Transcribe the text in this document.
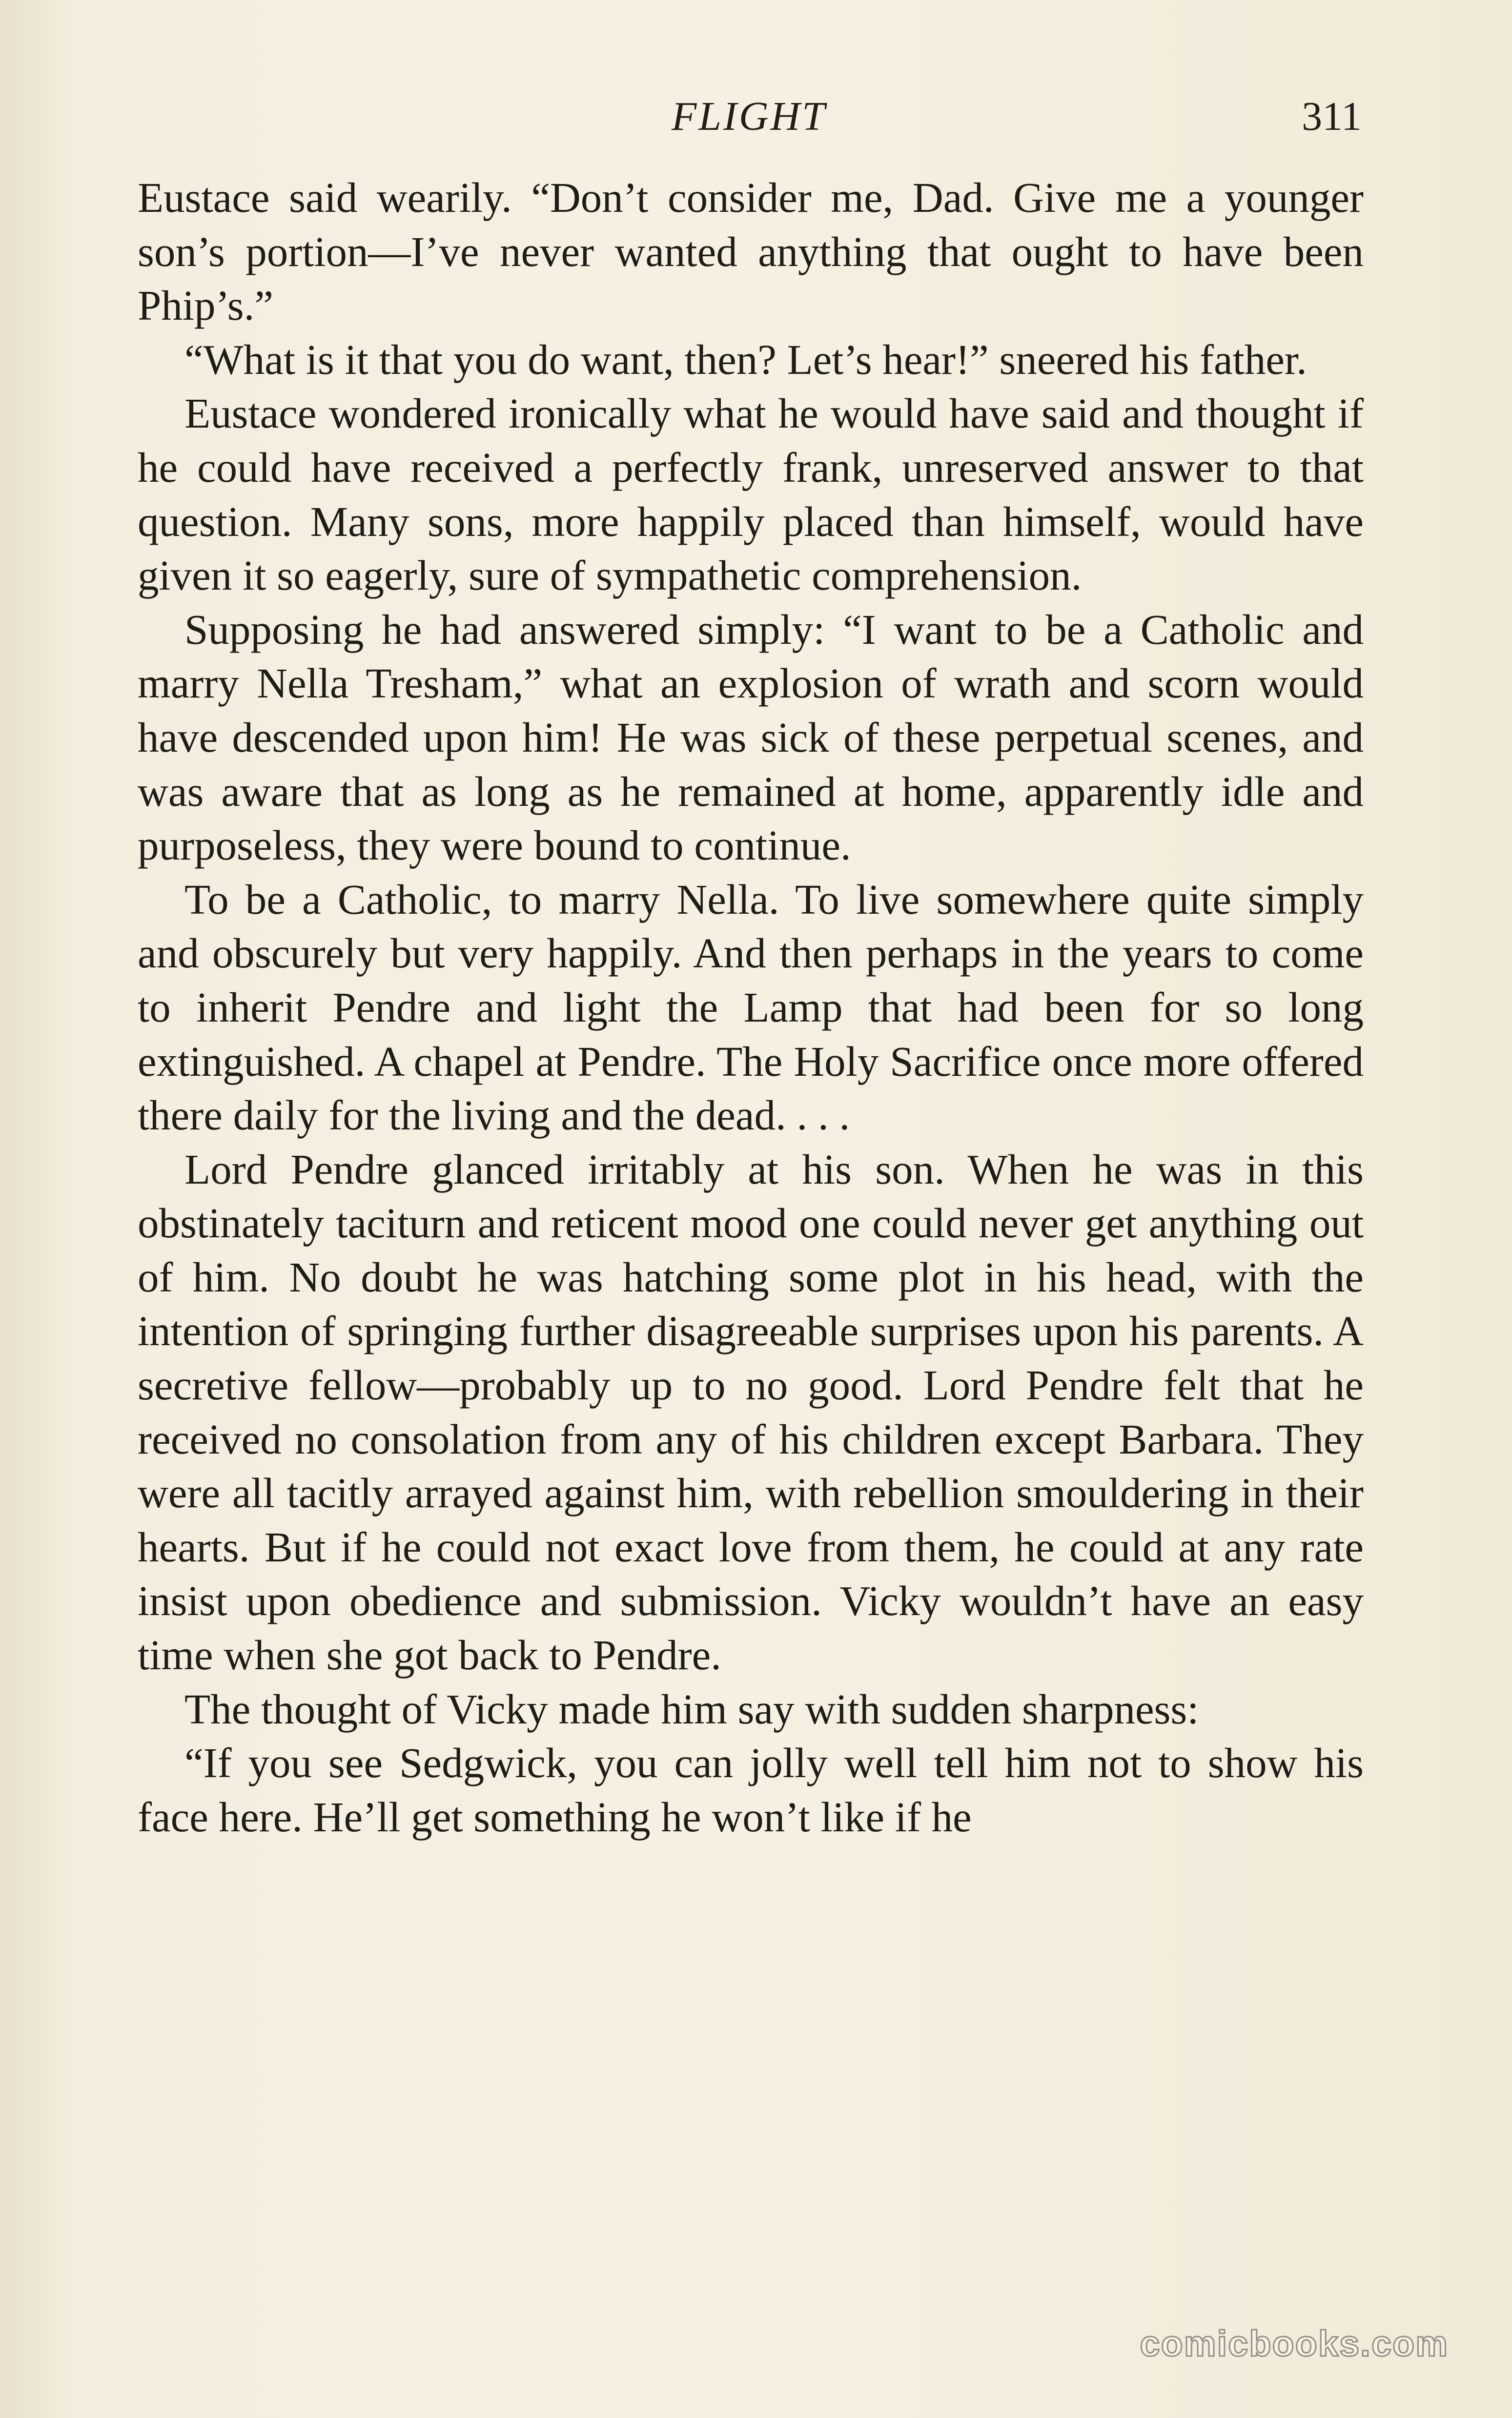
FLIGHT	311

Eustace said wearily. “Don’t consider me, Dad. Give me a younger son’s portion—I’ve never wanted anything that ought to have been Phip’s.”

“What is it that you do want, then? Let’s hear!” sneered his father.

Eustace wondered ironically what he would have said and thought if he could have received a perfectly frank, unreserved answer to that question. Many sons, more happily placed than himself, would have given it so eagerly, sure of sympathetic comprehension.

Supposing he had answered simply: “I want to be a Catholic and marry Nella Tresham,” what an explosion of wrath and scorn would have descended upon him! He was sick of these perpetual scenes, and was aware that as long as he remained at home, apparently idle and purposeless, they were bound to continue.

To be a Catholic, to marry Nella. To live somewhere quite simply and obscurely but very happily. And then perhaps in the years to come to inherit Pendre and light the Lamp that had been for so long extinguished. A chapel at Pendre. The Holy Sacrifice once more offered there daily for the living and the dead. . . .

Lord Pendre glanced irritably at his son. When he was in this obstinately taciturn and reticent mood one could never get anything out of him. No doubt he was hatching some plot in his head, with the intention of springing further disagreeable surprises upon his parents. A secretive fellow—probably up to no good. Lord Pendre felt that he received no consolation from any of his children except Barbara. They were all tacitly arrayed against him, with rebellion smouldering in their hearts. But if he could not exact love from them, he could at any rate insist upon obedience and submission. Vicky wouldn’t have an easy time when she got back to Pendre.

The thought of Vicky made him say with sudden sharpness:

“If you see Sedgwick, you can jolly well tell him not to show his face here. He’ll get something he won’t like if he

comicbooks.com
